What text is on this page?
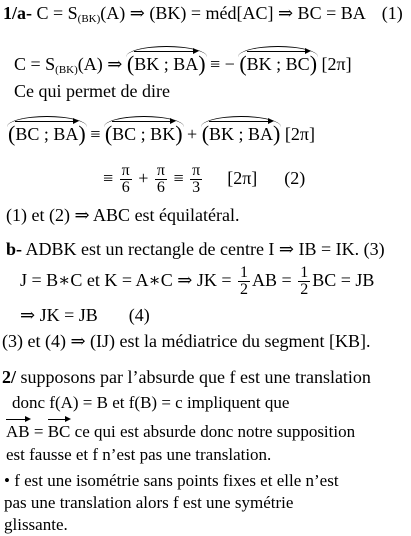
1/a- $C = S_{(BK)}(A)$ ⇒ (BK) = méd[AC] ⇒ BC = BA (1)
$C = S_{(BK)}(A)$ ⇒ (BK ; BA) ≡ − (BK ; BC) [2π]
Ce qui permet de dire
(BC ; BA) ≡ (BC ; BK) + (BK ; BA) [2π]
≡ $\frac{\pi}{6} + \frac{\pi}{6} \equiv \frac{\pi}{3} [2\pi]$ (2)
(1) et (2) ⇒ ABC est équilatéral.
b- ADBK est un rectangle de centre I ⇒ IB = IK. (3)
J = B∗C et K = A∗C ⇒ JK = $\frac{1}{2}$ AB = $\frac{1}{2}$ BC = JB
⇒ JK = JB (4)
(3) et (4) ⇒ (IJ) est la médiatrice du segment [KB].
2/ supposons par l’absurde que f est une translation
donc f(A) = B et f(B) = c impliquent que
AB = BC ce qui est absurde donc notre supposition
est fausse et f n’est pas une translation.
• f est une isométrie sans points fixes et elle n’est
pas une translation alors f est une symétrie
glissante.
